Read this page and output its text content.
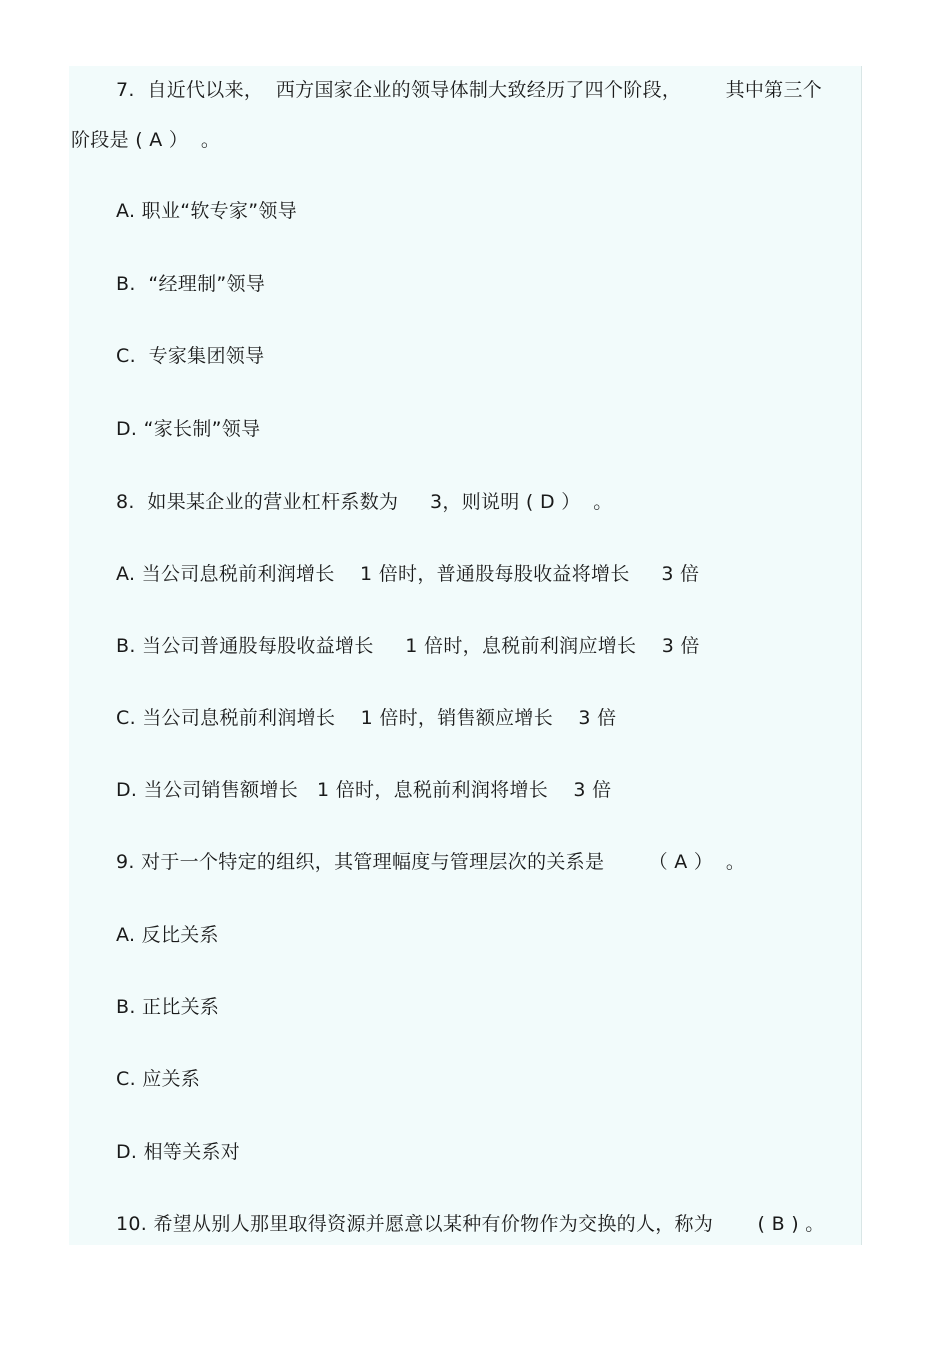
7.  自近代以来，  西方国家企业的领导体制大致经历了四个阶段，       其中第三个
阶段是 ( A ）  。
A. 职业“软专家”领导
B.  “经理制”领导
C.  专家集团领导
D. “家长制”领导
8.  如果某企业的营业杠杆系数为     3，则说明 ( D ）  。
A. 当公司息税前利润增长    1 倍时，普通股每股收益将增长     3 倍
B. 当公司普通股每股收益增长     1 倍时，息税前利润应增长    3 倍
C. 当公司息税前利润增长    1 倍时，销售额应增长    3 倍
D. 当公司销售额增长   1 倍时，息税前利润将增长    3 倍
9. 对于一个特定的组织，其管理幅度与管理层次的关系是       （ A ）  。
A. 反比关系
B. 正比关系
C. 应关系
D. 相等关系对
10. 希望从别人那里取得资源并愿意以某种有价物作为交换的人，称为       ( B ) 。
